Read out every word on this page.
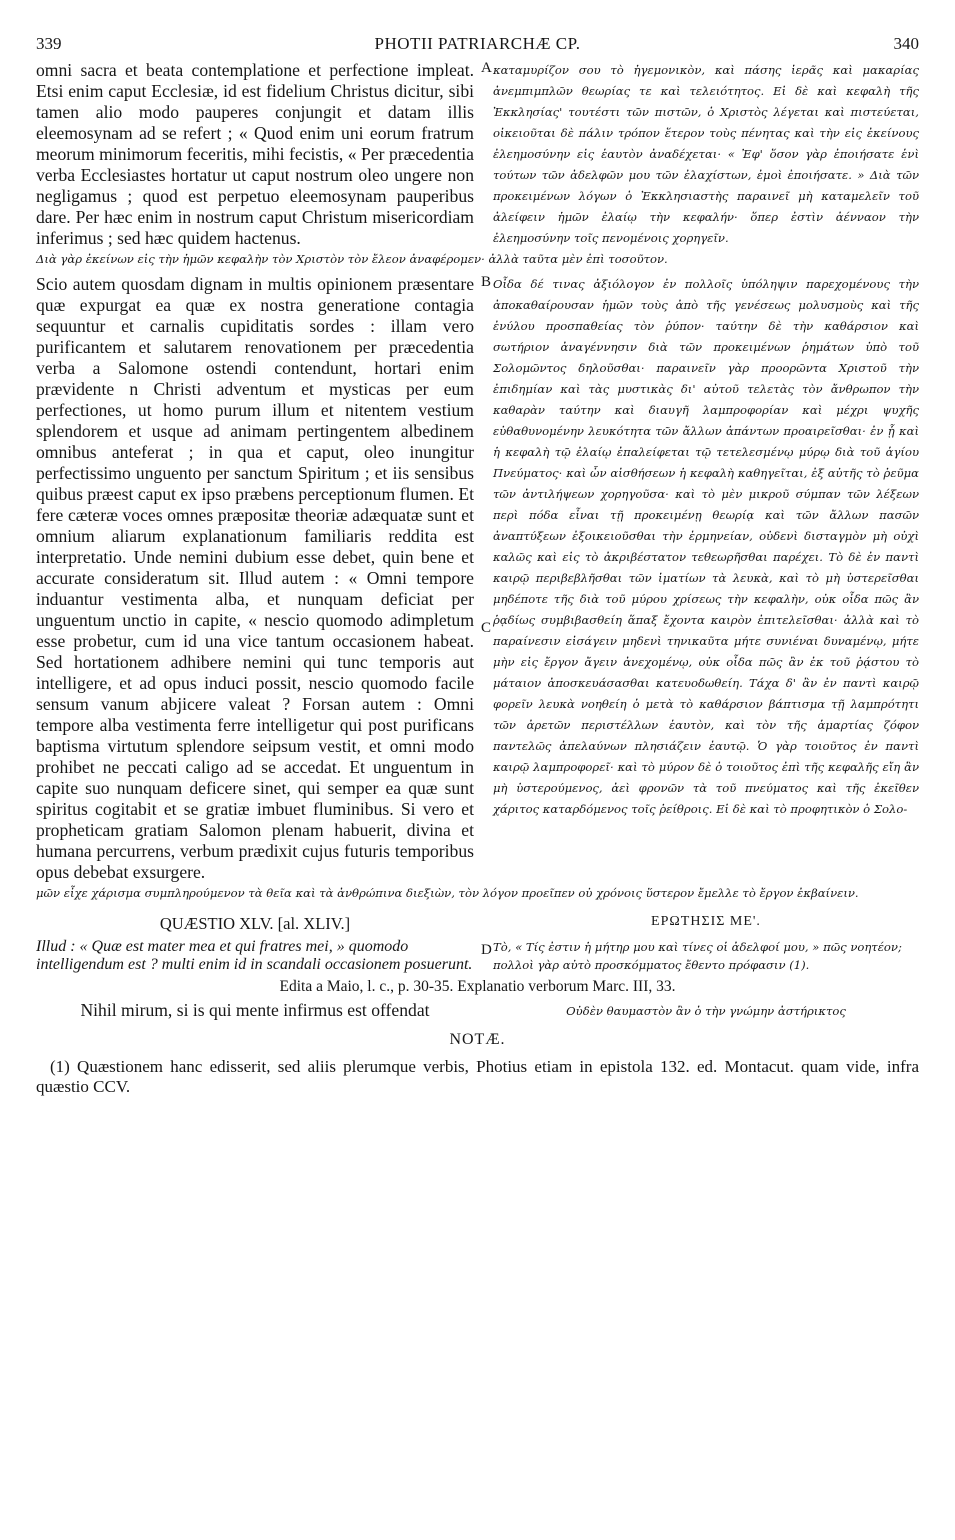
339	PHOTII PATRIARCHÆ CP.	340
omni sacra et beata contemplatione et perfectione impleat. Etsi enim caput Ecclesiæ, id est fidelium Christus dicitur, sibi tamen alio modo pauperes conjungit et datam illis eleemosynam ad se refert ; « Quod enim uni eorum fratrum meorum minimorum feceritis, mihi fecistis, « Per præcedentia verba Ecclesiastes hortatur ut caput nostrum oleo ungere non negligamus ; quod est perpetuo eleemosynam pauperibus dare. Per hæc enim in nostrum caput Christum misericordiam inferimus ; sed hæc quidem hactenus.
A καταμυρίζον σου τὸ ἡγεμονικὸν, καὶ πάσης ἱερᾶς καὶ μακαρίας ἀνεμπιμπλῶν θεωρίας τε καὶ τελειότητος. Εἰ δὲ καὶ κεφαλὴ τῆς Ἐκκλησίας' τουτέστι τῶν πιστῶν, ὁ Χριστὸς λέγεται καὶ πιστεύεται, οἰκειοῦται δὲ πάλιν τρόπον ἕτερον τοὺς πένητας καὶ τὴν εἰς ἐκείνους ἐλεημοσύνην εἰς ἑαυτὸν ἀναδέχεται· « Ἐφ' ὅσον γὰρ ἐποιήσατε ἑνὶ τούτων τῶν ἀδελφῶν μου τῶν ἐλαχίστων, ἐμοὶ ἐποιήσατε. » Διὰ τῶν προκειμένων λόγων ὁ Ἐκκλησιαστὴς παραινεῖ μὴ καταμελεῖν τοῦ ἀλείφειν ἡμῶν ἐλαίῳ τὴν κεφαλήν· ὅπερ ἐστὶν ἀένναον τὴν ἐλεημοσύνην τοῖς πενομένοις χορηγεῖν.
Διὰ γὰρ ἐκείνων εἰς τὴν ἡμῶν κεφαλὴν τὸν Χριστὸν τὸν ἔλεον ἀναφέρομεν· ἀλλὰ ταῦτα μὲν ἐπὶ τοσοῦτον.
Scio autem quosdam dignam in multis opinionem præsentare quæ expurgat ea quæ ex nostra generatione contagia sequuntur et carnalis cupiditatis sordes : illam vero purificantem et salutarem renovationem per præcedentia verba a Salomone ostendi contendunt, hortari enim prævidente n Christi adventum et mysticas per eum perfectiones, ut homo purum illum et nitentem vestium splendorem et usque ad animam pertingentem albedinem omnibus anteferat ; in qua et caput, oleo inungitur perfectissimo unguento per sanctum Spiritum ; et iis sensibus quibus præest caput ex ipso præbens perceptionum flumen. Et fere cæteræ voces omnes præpositæ theoriæ adæquatæ sunt et omnium aliarum explanationum familiaris reddita est interpretatio. Unde nemini dubium esse debet, quin bene et accurate consideratum sit. Illud autem : « Omni tempore induantur vestimenta alba, et nunquam deficiat per unguentum unctio in capite, « nescio quomodo adimpletum esse probetur, cum id una vice tantum occasionem habeat. Sed hortationem adhibere nemini qui tunc temporis aut intelligere, et ad opus induci possit, nescio quomodo facile sensum vanum abjicere valeat ? Forsan autem : Omni tempore alba vestimenta ferre intelligetur qui post purificans baptisma virtutum splendore seipsum vestit, et omni modo prohibet ne peccati caligo ad se accedat. Et unguentum in capite suo nunquam deficere sinet, qui semper ea quæ sunt spiritus cogitabit et se gratiæ imbuet fluminibus. Si vero et propheticam gratiam Salomon plenam habuerit, divina et humana percurrens, verbum prædixit cujus futuris temporibus opus debebat exsurgere.
B
C
D
Οἶδα δέ τινας ἀξιόλογον ἐν πολλοῖς ὑπόληψιν παρεχομένους τὴν ἀποκαθαίρουσαν ἡμῶν τοὺς ἀπὸ τῆς γενέσεως μολυσμοὺς καὶ τῆς ἐνύλου προσπαθείας τὸν ῥύπον· ταύτην δὲ τὴν καθάρσιον καὶ σωτήριον ἀναγέννησιν διὰ τῶν προκειμένων ῥημάτων ὑπὸ τοῦ Σολομῶντος δηλοῦσθαι· παραινεῖν γὰρ προορῶντα Χριστοῦ τὴν ἐπιδημίαν καὶ τὰς μυστικὰς δι' αὐτοῦ τελετὰς τὸν ἄνθρωπον τὴν καθαρὰν ταύτην καὶ διαυγῆ λαμπροφορίαν καὶ μέχρι ψυχῆς εὐθαθυνομένην λευκότητα τῶν ἄλλων ἁπάντων προαιρεῖσθαι· ἐν ᾗ καὶ ἡ κεφαλὴ τῷ ἐλαίῳ ἐπαλείφεται τῷ τετελεσμένῳ μύρῳ διὰ τοῦ ἁγίου Πνεύματος· καὶ ὧν αἰσθήσεων ἡ κεφαλὴ καθηγεῖται, ἐξ αὐτῆς τὸ ῥεῦμα τῶν ἀντιλήψεων χορηγοῦσα· καὶ τὸ μὲν μικροῦ σύμπαν τῶν λέξεων περὶ πόδα εἶναι τῇ προκειμένῃ θεωρίᾳ καὶ τῶν ἄλλων πασῶν ἀναπτύξεων ἐξοικειοῦσθαι τὴν ἑρμηνείαν, οὐδενὶ δισταγμὸν μὴ οὐχὶ καλῶς καὶ εἰς τὸ ἀκριβέστατον τεθεωρῆσθαι παρέχει. Τὸ δὲ ἐν παντὶ καιρῷ περιβεβλῆσθαι τῶν ἱματίων τὰ λευκὰ, καὶ τὸ μὴ ὑστερεῖσθαι μηδέποτε τῆς διὰ τοῦ μύρου χρίσεως τὴν κεφαλὴν, οὐκ οἶδα πῶς ἂν ῥᾳδίως συμβιβασθείη ἅπαξ ἔχοντα καιρὸν ἐπιτελεῖσθαι· ἀλλὰ καὶ τὸ παραίνεσιν εἰσάγειν μηδενὶ τηνικαῦτα μήτε συνιέναι δυναμένῳ, μήτε μὴν εἰς ἔργον ἄγειν ἀνεχομένῳ, οὐκ οἶδα πῶς ἂν ἐκ τοῦ ῥᾴστου τὸ μάταιον ἀποσκευάσασθαι κατευοδωθείη. Τάχα δ' ἂν ἐν παντὶ καιρῷ φορεῖν λευκὰ νοηθείη ὁ μετὰ τὸ καθάρσιον βάπτισμα τῇ λαμπρότητι τῶν ἀρετῶν περιστέλλων ἑαυτὸν, καὶ τὸν τῆς ἁμαρτίας ζόφον παντελῶς ἀπελαύνων πλησιάζειν ἑαυτῷ. Ὁ γὰρ τοιοῦτος ἐν παντὶ καιρῷ λαμπροφορεῖ· καὶ τὸ μύρον δὲ ὁ τοιοῦτος ἐπὶ τῆς κεφαλῆς εἴη ἂν μὴ ὑστερούμενος, ἀεὶ φρονῶν τὰ τοῦ πνεύματος καὶ τῆς ἐκεῖθεν χάριτος καταρδόμενος τοῖς ῥείθροις. Εἰ δὲ καὶ τὸ προφητικὸν ὁ Σολο-
μῶν εἶχε χάρισμα συμπληρούμενον τὰ θεῖα καὶ τὰ ἀνθρώπινα διεξιὼν, τὸν λόγον προεῖπεν οὐ χρόνοις ὕστερον ἔμελλε τὸ ἔργον ἐκβαίνειν.
QUÆSTIO XLV. [al. XLIV.]	ΕΡΩΤΗΣΙΣ ΜΕ'.
Illud : « Quæ est mater mea et qui fratres mei, » quomodo intelligendum est ? multi enim id in scandali occasionem posuerunt.
Τὸ, « Τίς ἐστιν ἡ μήτηρ μου καὶ τίνες οἱ ἀδελφοί μου, » πῶς νοητέον; πολλοὶ γὰρ αὐτὸ προσκόμματος ἔθεντο πρόφασιν (1).
Edita a Maio, l. c., p. 30-35. Explanatio verborum Marc. III, 33.
Nihil mirum, si is qui mente infirmus est offendat	Οὐδὲν θαυμαστὸν ἂν ὁ τὴν γνώμην ἀστήρικτος
NOTÆ.
(1) Quæstionem hanc edisserit, sed aliis plerumque verbis, Photius etiam in epistola 132. ed. Montacut. quam vide, infra quæstio CCV.
